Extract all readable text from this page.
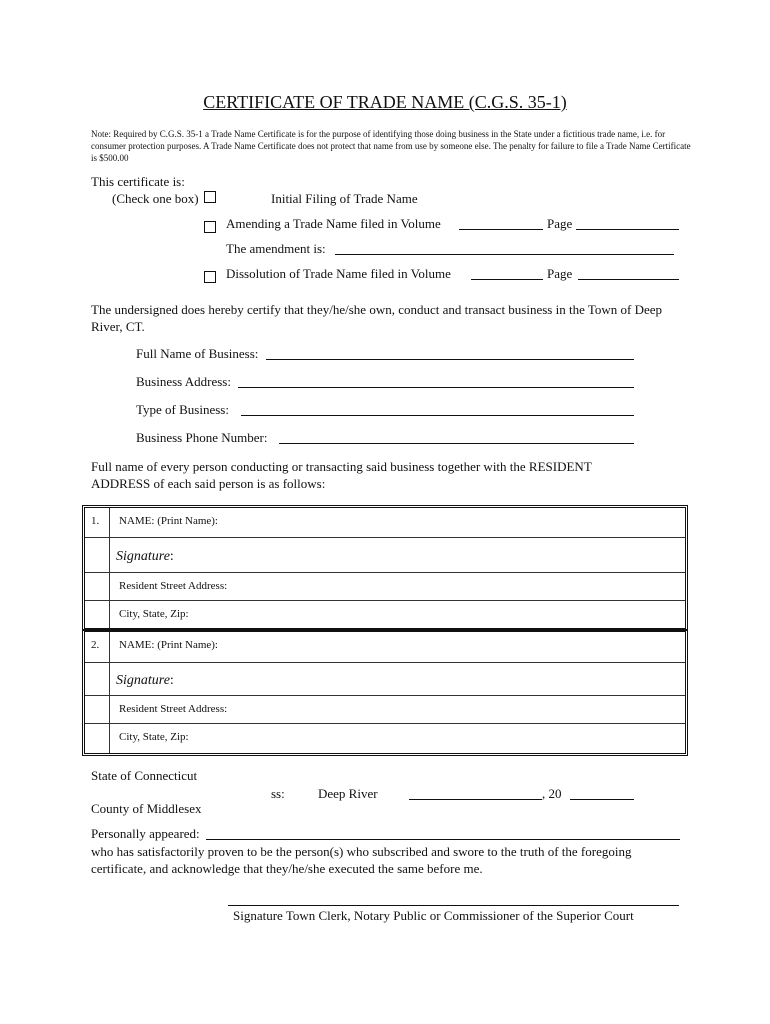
CERTIFICATE OF TRADE NAME (C.G.S. 35-1)
Note: Required by C.G.S. 35-1 a Trade Name Certificate is for the purpose of identifying those doing business in the State under a fictitious trade name, i.e. for consumer protection purposes. A Trade Name Certificate does not protect that name from use by someone else. The penalty for failure to file a Trade Name Certificate is $500.00
This certificate is:
(Check one box)	Initial Filing of Trade Name
Amending a Trade Name filed in Volume	Page
The amendment is:
Dissolution of Trade Name filed in Volume	Page
The undersigned does hereby certify that they/he/she own, conduct and transact business in the Town of Deep River, CT.
Full Name of Business:
Business Address:
Type of Business:
Business Phone Number:
Full name of every person conducting or transacting said business together with the RESIDENT ADDRESS of each said person is as follows:
1. NAME: (Print Name):
Signature:
Resident Street Address:
City, State, Zip:
2. NAME: (Print Name):
Signature:
Resident Street Address:
City, State, Zip:
State of Connecticut
ss:	Deep River	, 20
County of Middlesex
Personally appeared:
who has satisfactorily proven to be the person(s) who subscribed and swore to the truth of the foregoing certificate, and acknowledge that they/he/she executed the same before me.
Signature Town Clerk, Notary Public or Commissioner of the Superior Court
